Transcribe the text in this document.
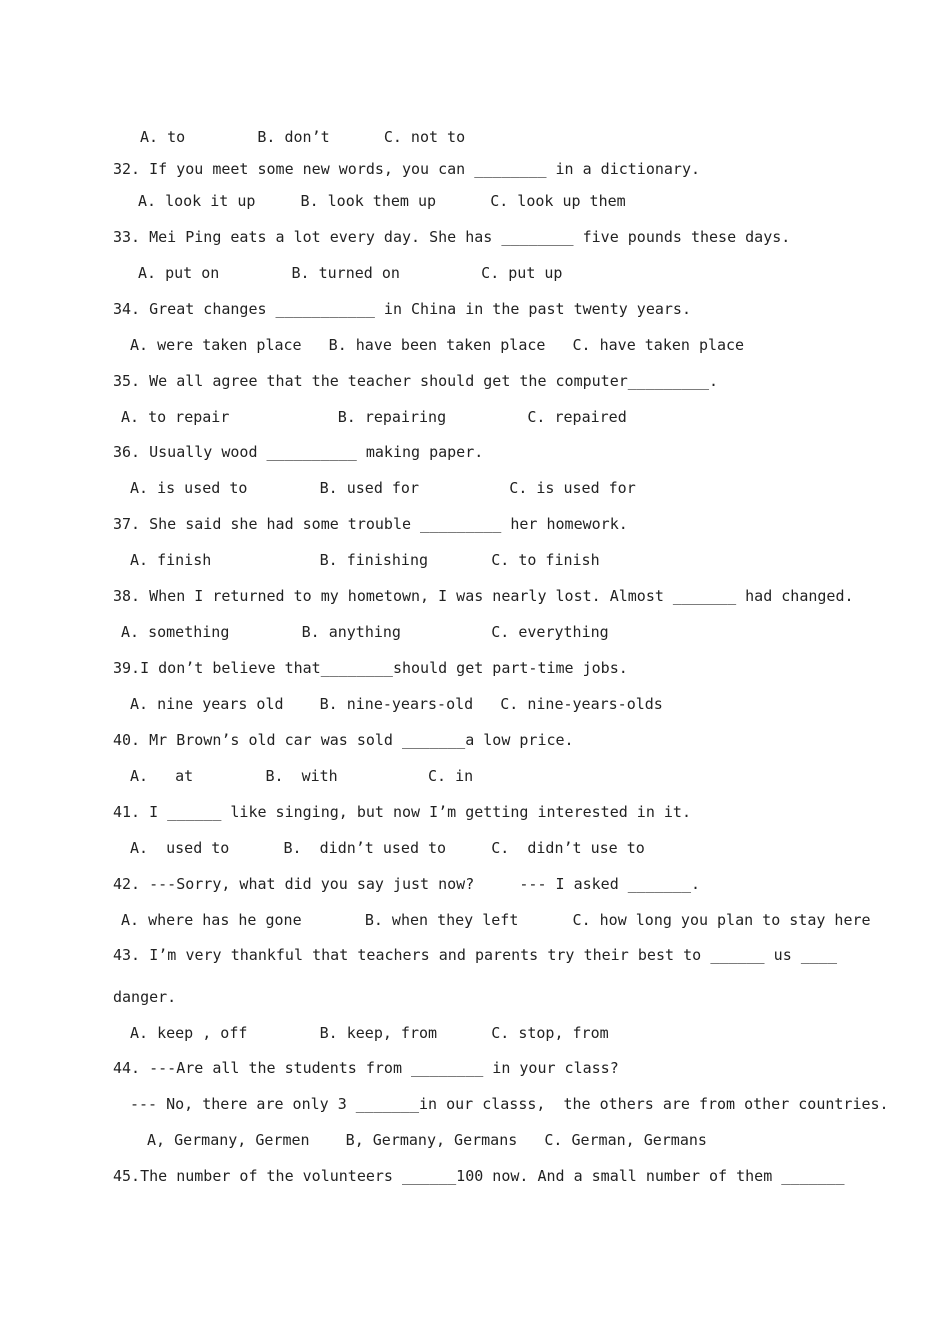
A. to        B. don’t      C. not to
32. If you meet some new words, you can ________ in a dictionary.
A. look it up     B. look them up      C. look up them
33. Mei Ping eats a lot every day. She has ________ five pounds these days.
A. put on        B. turned on         C. put up
34. Great changes ___________ in China in the past twenty years.
A. were taken place   B. have been taken place   C. have taken place
35. We all agree that the teacher should get the computer_________.
A. to repair            B. repairing         C. repaired
36. Usually wood __________ making paper.
A. is used to        B. used for          C. is used for
37. She said she had some trouble _________ her homework.
A. finish            B. finishing       C. to finish
38. When I returned to my hometown, I was nearly lost. Almost _______ had changed.
A. something        B. anything          C. everything
39.I don’t believe that________should get part-time jobs.
A. nine years old    B. nine-years-old   C. nine-years-olds
40. Mr Brown’s old car was sold _______a low price.
A.   at        B.  with          C. in
41. I ______ like singing, but now I’m getting interested in it.
A.  used to      B.  didn’t used to     C.  didn’t use to
42. ---Sorry, what did you say just now?     --- I asked _______.
A. where has he gone       B. when they left      C. how long you plan to stay here
43. I’m very thankful that teachers and parents try their best to ______ us ____
danger.
A. keep , off        B. keep, from      C. stop, from
44. ---Are all the students from ________ in your class?
--- No, there are only 3 _______in our classs,  the others are from other countries.
A, Germany, Germen    B, Germany, Germans   C. German, Germans
45.The number of the volunteers ______100 now. And a small number of them _______
